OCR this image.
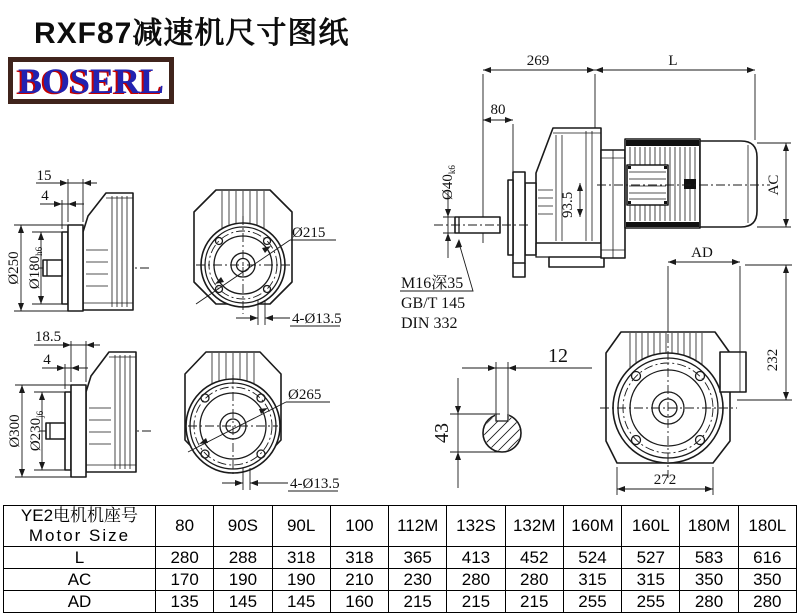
RXF87减速机尺寸图纸
BOSERL
15
4
Ø250 $Ø180_{h6}$
18.5
4
Ø300 $Ø230_{j6}$
Ø215
4-Ø13.5
Ø265
4-Ø13.5
269	L
80
$Ø40_{k6}$
93.5
AC
AD
M16深35
GB/T 145
DIN 332
12
43
232
272
YE2电机机座号
Motor Size	80	90S	90L	100	112M	132S	132M	160M	160L	180M	180L
L	280	288	318	318	365	413	452	524	527	583	616
AC	170	190	190	210	230	280	280	315	315	350	350
AD	135	145	145	160	215	215	215	255	255	280	280
